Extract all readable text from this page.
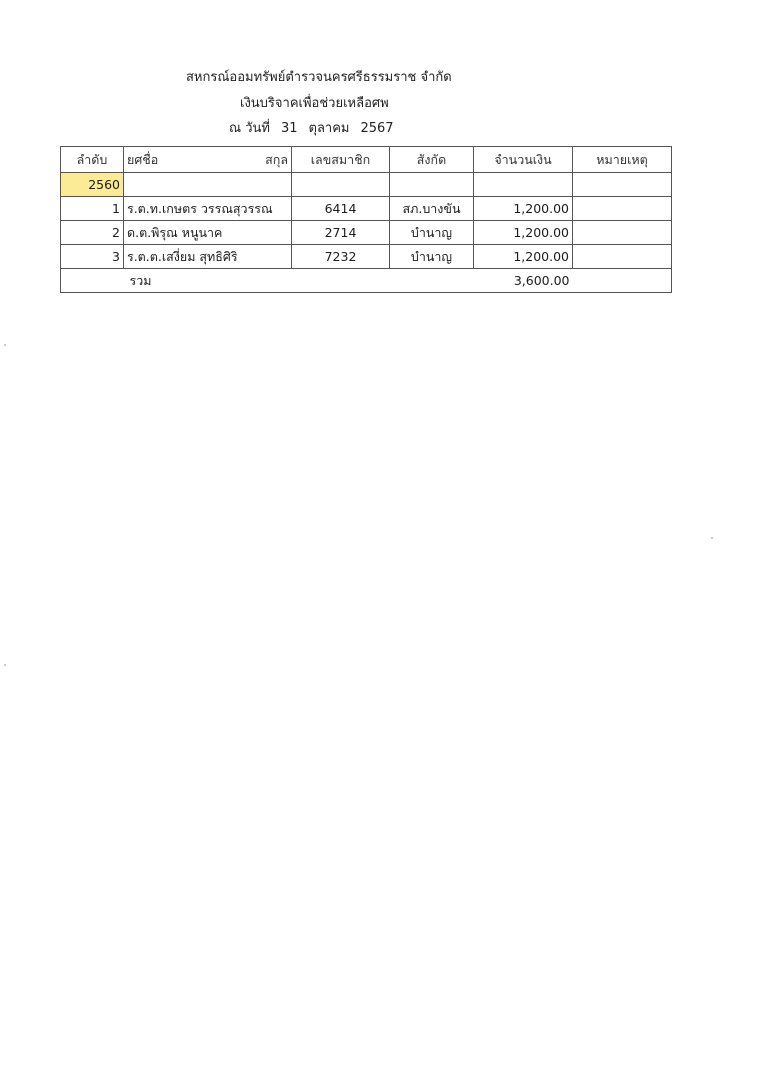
สหกรณ์ออมทรัพย์ตำรวจนครศรีธรรมราช จำกัด
เงินบริจาคเพื่อช่วยเหลือศพ
ณ วันที่ 31 ตุลาคม 2567
ลำดับ	ยศชื่อ สกุล	เลขสมาชิก	สังกัด	จำนวนเงิน	หมายเหตุ
2560					
1	ร.ต.ท.เกษตร วรรณสุวรรณ	6414	สภ.บางขัน	1,200.00	
2	ด.ต.พิรุณ หนูนาค	2714	บำนาญ	1,200.00	
3	ร.ต.ต.เสงี่ยม สุทธิศิริ	7232	บำนาญ	1,200.00	
	รวม			3,600.00	
